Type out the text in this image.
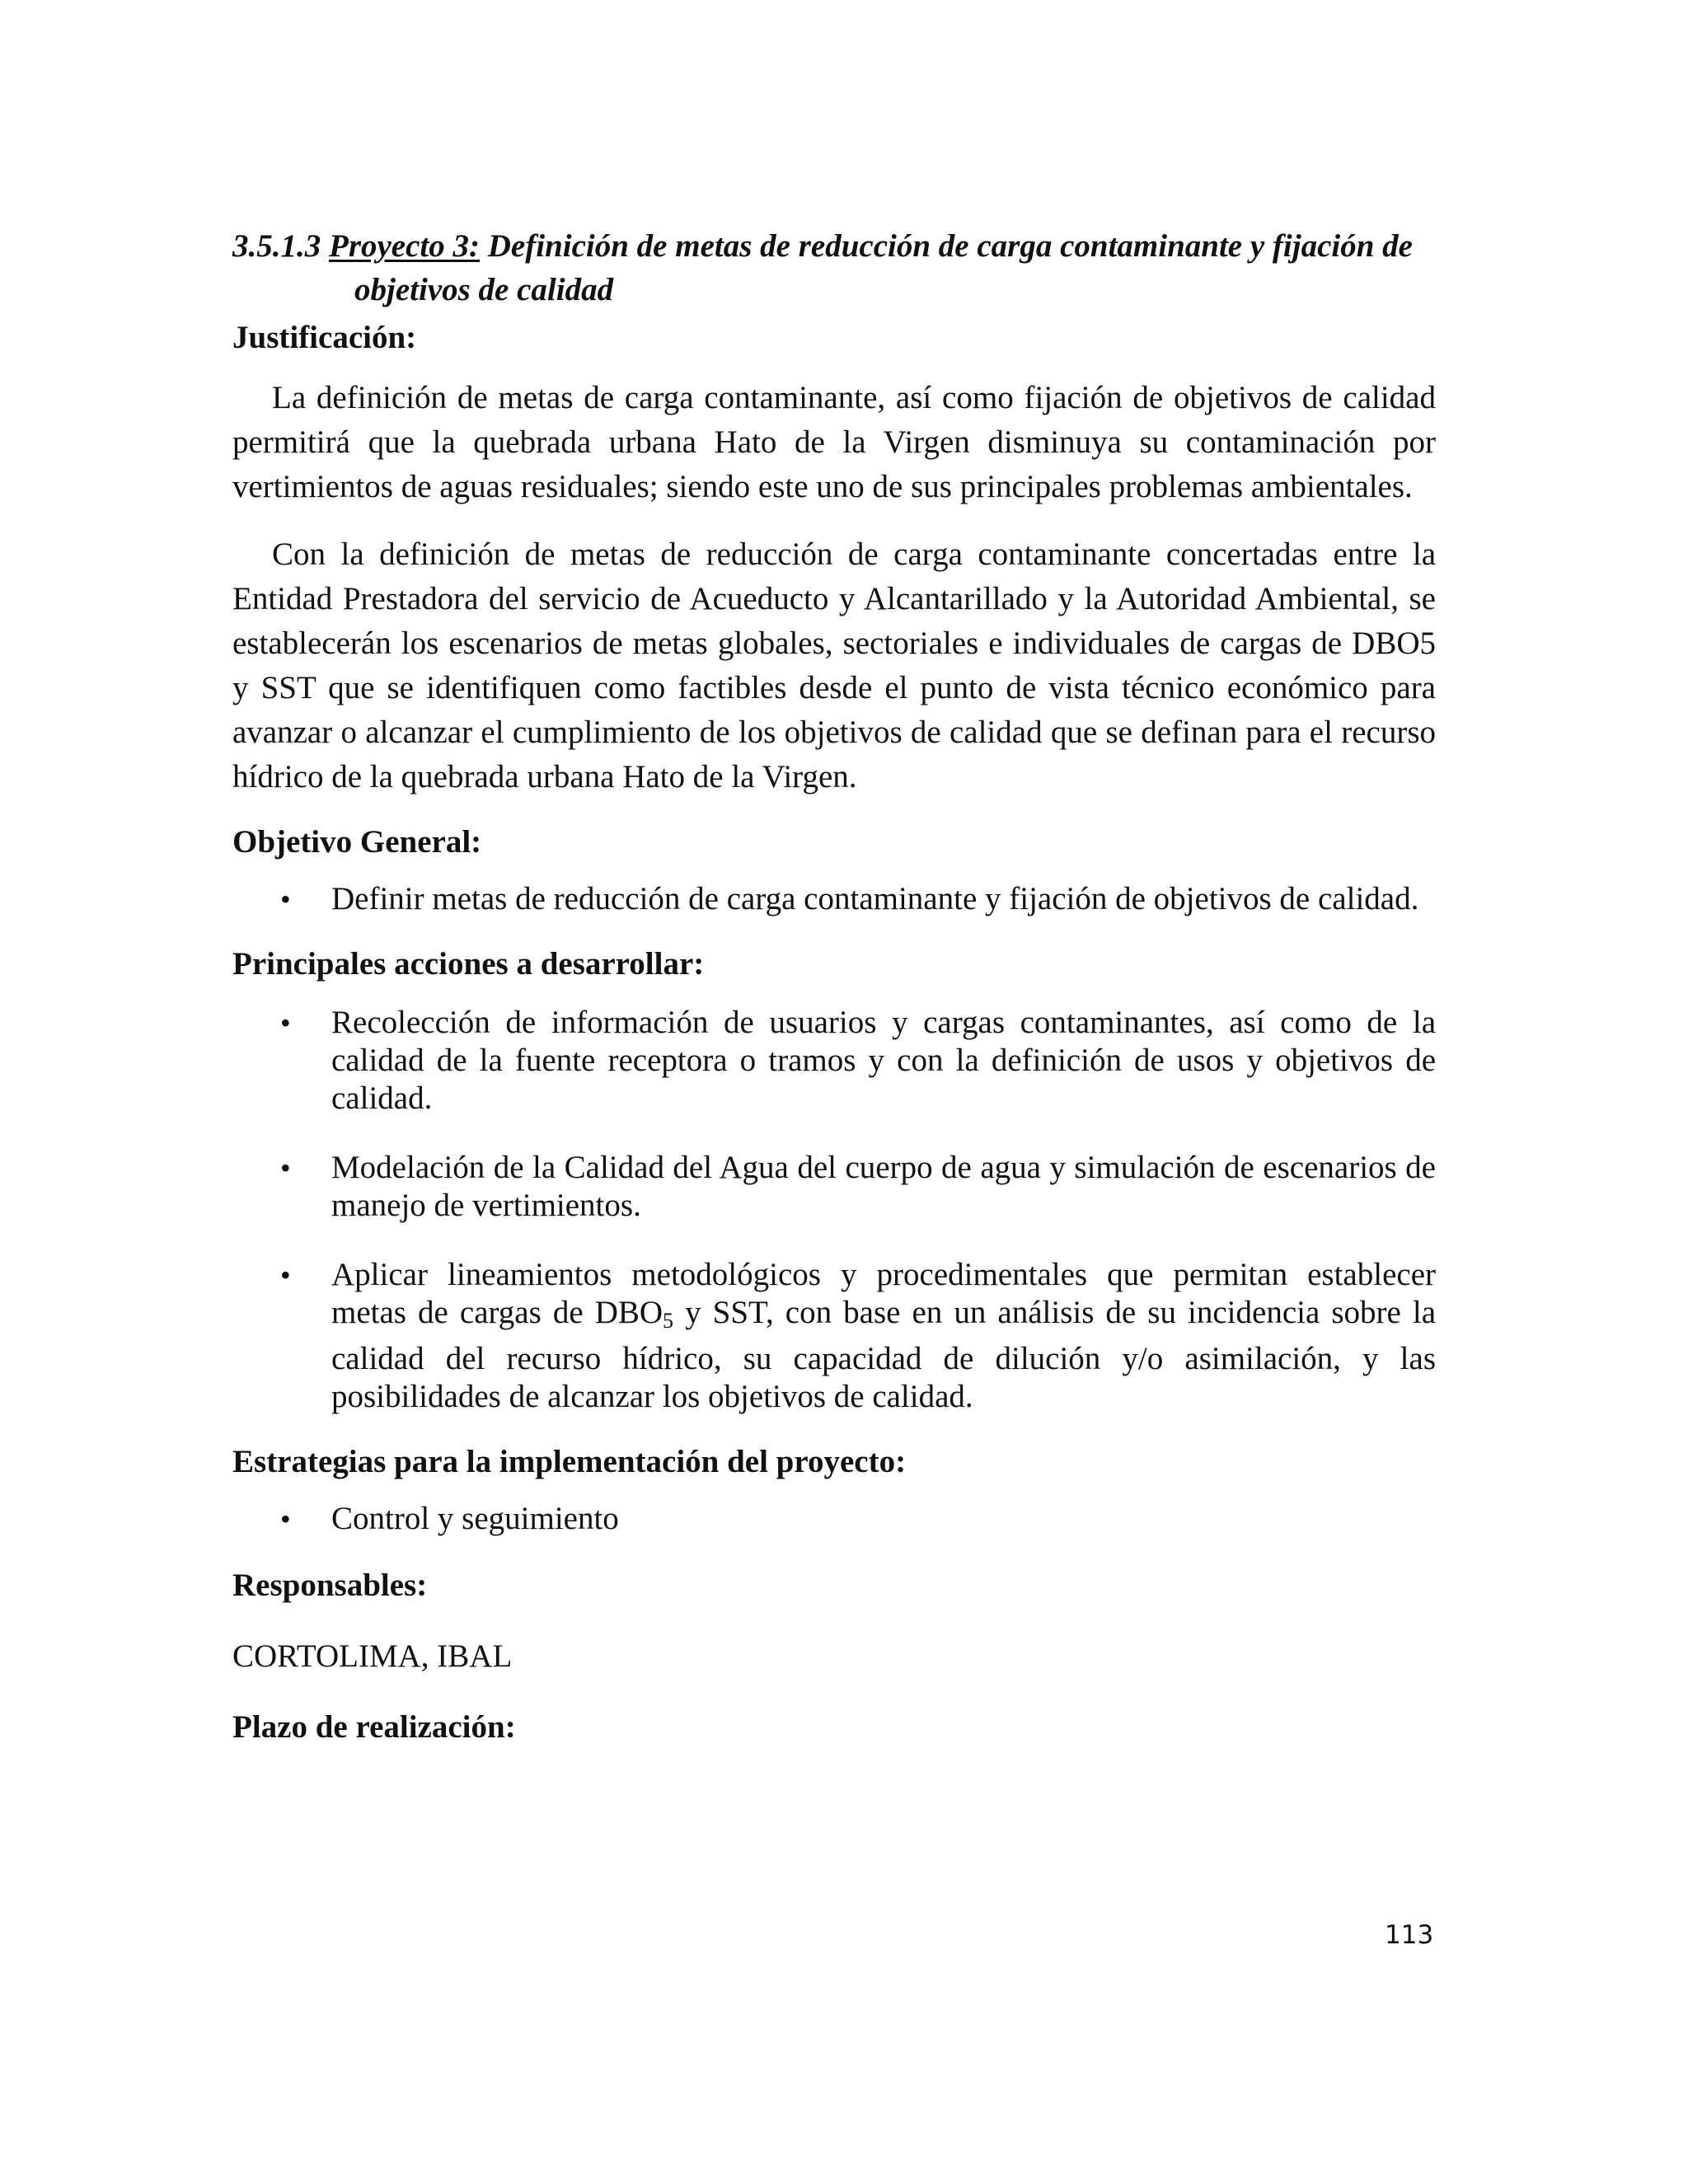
3.5.1.3 Proyecto 3: Definición de metas de reducción de carga contaminante y fijación de
objetivos de calidad

Justificación:

La definición de metas de carga contaminante, así como fijación de objetivos de calidad permitirá que la quebrada urbana Hato de la Virgen disminuya su contaminación por vertimientos de aguas residuales; siendo este uno de sus principales problemas ambientales.

Con la definición de metas de reducción de carga contaminante concertadas entre la Entidad Prestadora del servicio de Acueducto y Alcantarillado y la Autoridad Ambiental, se establecerán los escenarios de metas globales, sectoriales e individuales de cargas de DBO5 y SST que se identifiquen como factibles desde el punto de vista técnico económico para avanzar o alcanzar el cumplimiento de los objetivos de calidad que se definan para el recurso hídrico de la quebrada urbana Hato de la Virgen.

Objetivo General:

• Definir metas de reducción de carga contaminante y fijación de objetivos de calidad.

Principales acciones a desarrollar:

• Recolección de información de usuarios y cargas contaminantes, así como de la calidad de la fuente receptora o tramos y con la definición de usos y objetivos de calidad.
• Modelación de la Calidad del Agua del cuerpo de agua y simulación de escenarios de manejo de vertimientos.
• Aplicar lineamientos metodológicos y procedimentales que permitan establecer metas de cargas de $DBO_5$ y SST, con base en un análisis de su incidencia sobre la calidad del recurso hídrico, su capacidad de dilución y/o asimilación, y las posibilidades de alcanzar los objetivos de calidad.

Estrategias para la implementación del proyecto:

• Control y seguimiento

Responsables:

CORTOLIMA, IBAL

Plazo de realización:

113
